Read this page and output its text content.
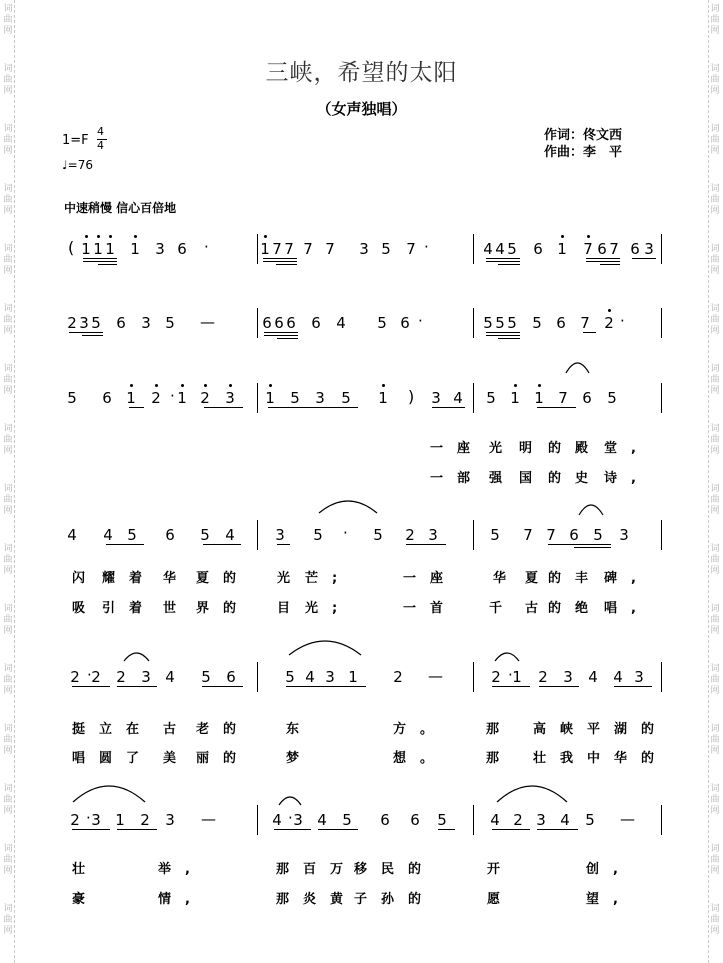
三峡，希望的太阳
（女声独唱）
1=F
4
4
♩=76
作词：佟文西
作曲：李　平
中速稍慢 信心百倍地
1 1 1 1 3 6	1 7 7 7 7 3 5 7	4 4 5 6 1 7 6 7 6 3
·	·
(
2 3 5 6 3 5	6 6 6 6 4 5 6	5 5 5 5 6 7 2 ·
·
—
5 6 1 2 1 2 3 1 5 3 5 1	3 4 5 1 1 7 6 5
·	)
4 4 5 6 5 4	3 5	5 2 3	5 7 7 6 5 3
·
2 2 2 3 4 5 6	5 4 3 1 2	2 1 2 3 4 4 3
·	·
—
2 3 1 2 3	4 3 4 5 6 6 5	4 2 3 4 5
·	·
—	—
一座 光 明 的殿 堂,
一部 强 国 的史 诗,
闪 耀着 华 夏的 光 芒;	一座	华 夏
的丰 碑,
吸 引着 世 界的 目 光;	一首 千 古
的绝 唱,
挺立在 古 老的	东	方。	那 高峡平湖的
唱圆了 美 丽的	梦	想。	那 壮我中华的
壮	举,	那 百万
移民的	开	创,
豪	情,	那 炎黄
子孙的	愿	望,
词
曲
网
词
曲
网
词
曲
网
词
曲
网
词
曲
网
词
曲
网
词
曲
网
词
曲
网
词
曲
网
词
曲
网
词
曲
网
词
曲
网
词
曲
网
词
曲
网
词
曲
网
词
曲
网
词
曲
网
词
曲
网
词
曲
网
词
曲
网
词
曲
网
词
曲
网
词
曲
网
词
曲
网
词
曲
网
词
曲
网
词
曲
网
词
曲
网
词
曲
网
词
曲
网
词
曲
网
词
曲
网
